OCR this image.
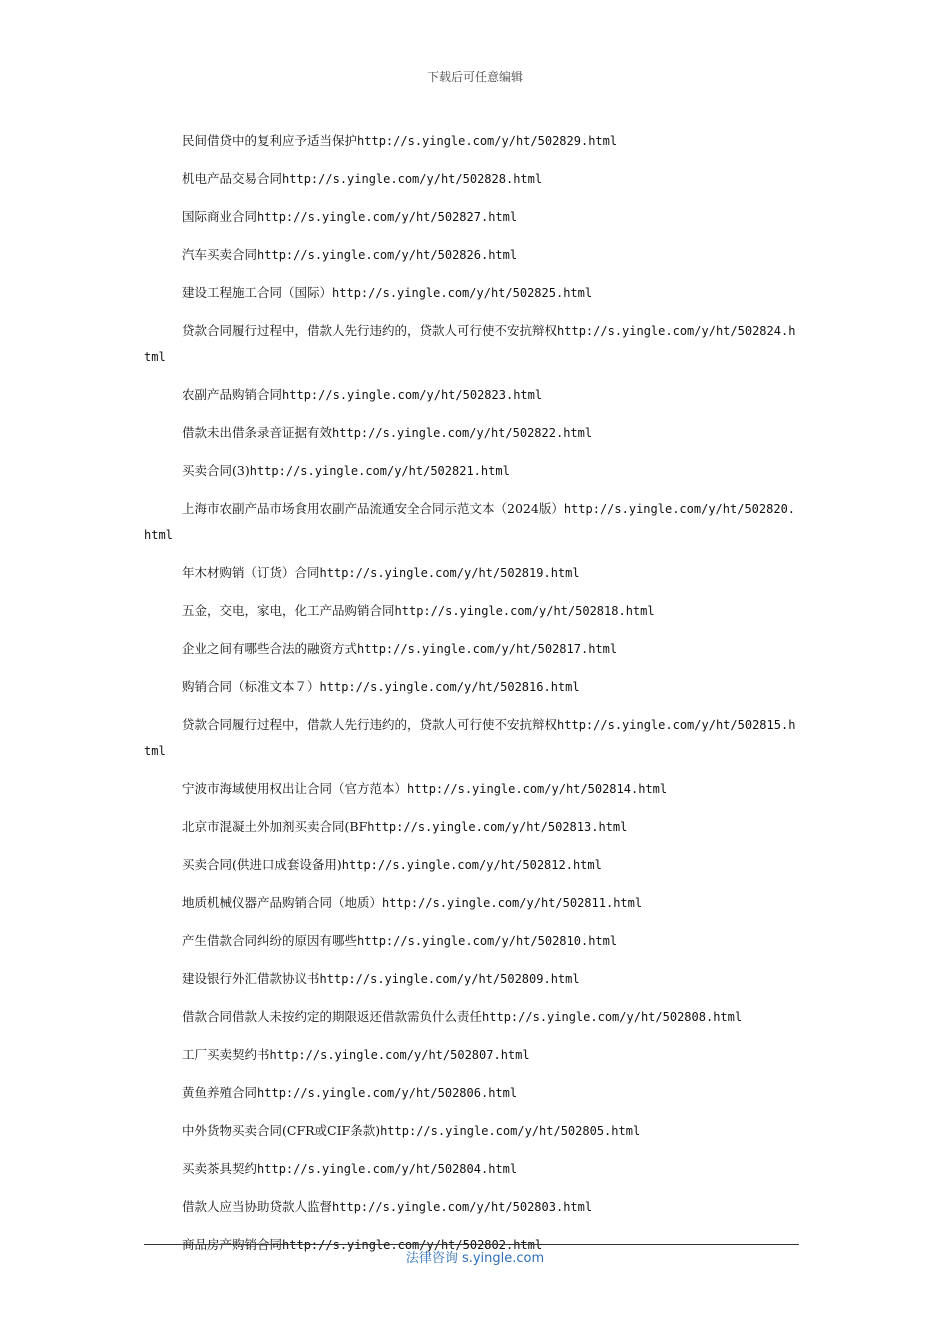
下载后可任意编辑

民间借贷中的复利应予适当保护http://s.yingle.com/y/ht/502829.html

机电产品交易合同http://s.yingle.com/y/ht/502828.html

国际商业合同http://s.yingle.com/y/ht/502827.html

汽车买卖合同http://s.yingle.com/y/ht/502826.html

建设工程施工合同（国际）http://s.yingle.com/y/ht/502825.html

贷款合同履行过程中，借款人先行违约的，贷款人可行使不安抗辩权http://s.yingle.com/y/ht/502824.html

农副产品购销合同http://s.yingle.com/y/ht/502823.html

借款未出借条录音证据有效http://s.yingle.com/y/ht/502822.html

买卖合同(3)http://s.yingle.com/y/ht/502821.html

上海市农副产品市场食用农副产品流通安全合同示范文本（2024版）http://s.yingle.com/y/ht/502820.html

年木材购销（订货）合同http://s.yingle.com/y/ht/502819.html

五金，交电，家电，化工产品购销合同http://s.yingle.com/y/ht/502818.html

企业之间有哪些合法的融资方式http://s.yingle.com/y/ht/502817.html

购销合同（标准文本７）http://s.yingle.com/y/ht/502816.html

贷款合同履行过程中，借款人先行违约的，贷款人可行使不安抗辩权http://s.yingle.com/y/ht/502815.html

宁波市海域使用权出让合同（官方范本）http://s.yingle.com/y/ht/502814.html

北京市混凝土外加剂买卖合同(BFhttp://s.yingle.com/y/ht/502813.html

买卖合同(供进口成套设备用)http://s.yingle.com/y/ht/502812.html

地质机械仪器产品购销合同（地质）http://s.yingle.com/y/ht/502811.html

产生借款合同纠纷的原因有哪些http://s.yingle.com/y/ht/502810.html

建设银行外汇借款协议书http://s.yingle.com/y/ht/502809.html

借款合同借款人未按约定的期限返还借款需负什么责任http://s.yingle.com/y/ht/502808.html

工厂买卖契约书http://s.yingle.com/y/ht/502807.html

黄鱼养殖合同http://s.yingle.com/y/ht/502806.html

中外货物买卖合同(CFR或CIF条款)http://s.yingle.com/y/ht/502805.html

买卖茶具契约http://s.yingle.com/y/ht/502804.html

借款人应当协助贷款人监督http://s.yingle.com/y/ht/502803.html

商品房产购销合同http://s.yingle.com/y/ht/502802.html

法律咨询 s.yingle.com
